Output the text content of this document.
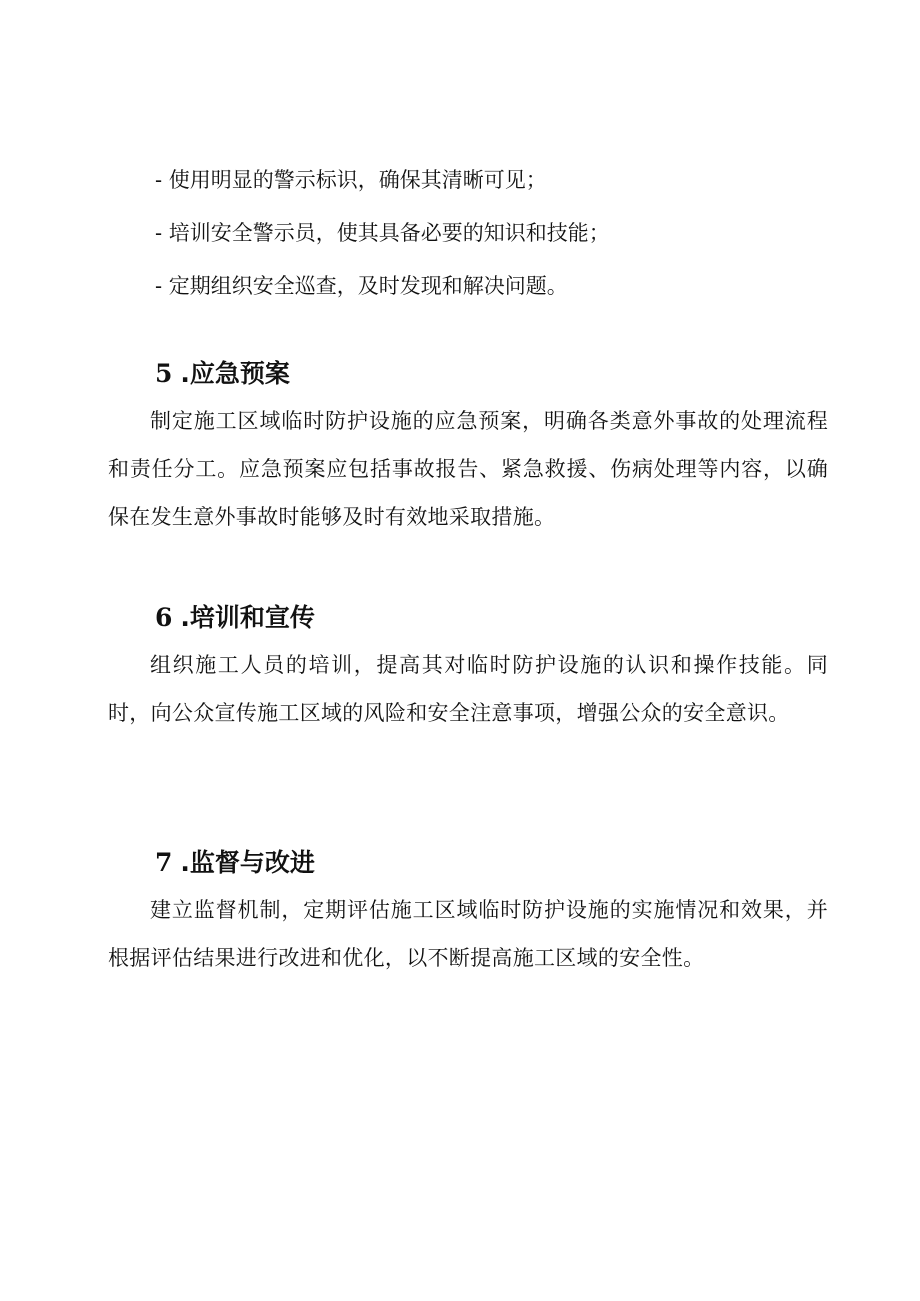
- 使用明显的警示标识，确保其清晰可见；
- 培训安全警示员，使其具备必要的知识和技能；
- 定期组织安全巡查，及时发现和解决问题。
5 .应急预案

制定施工区域临时防护设施的应急预案，明确各类意外事故的处理流程和责任分工。应急预案应包括事故报告、紧急救援、伤病处理等内容，以确保在发生意外事故时能够及时有效地采取措施。

6 .培训和宣传

组织施工人员的培训，提高其对临时防护设施的认识和操作技能。同时，向公众宣传施工区域的风险和安全注意事项，增强公众的安全意识。

7 .监督与改进

建立监督机制，定期评估施工区域临时防护设施的实施情况和效果，并根据评估结果进行改进和优化，以不断提高施工区域的安全性。
